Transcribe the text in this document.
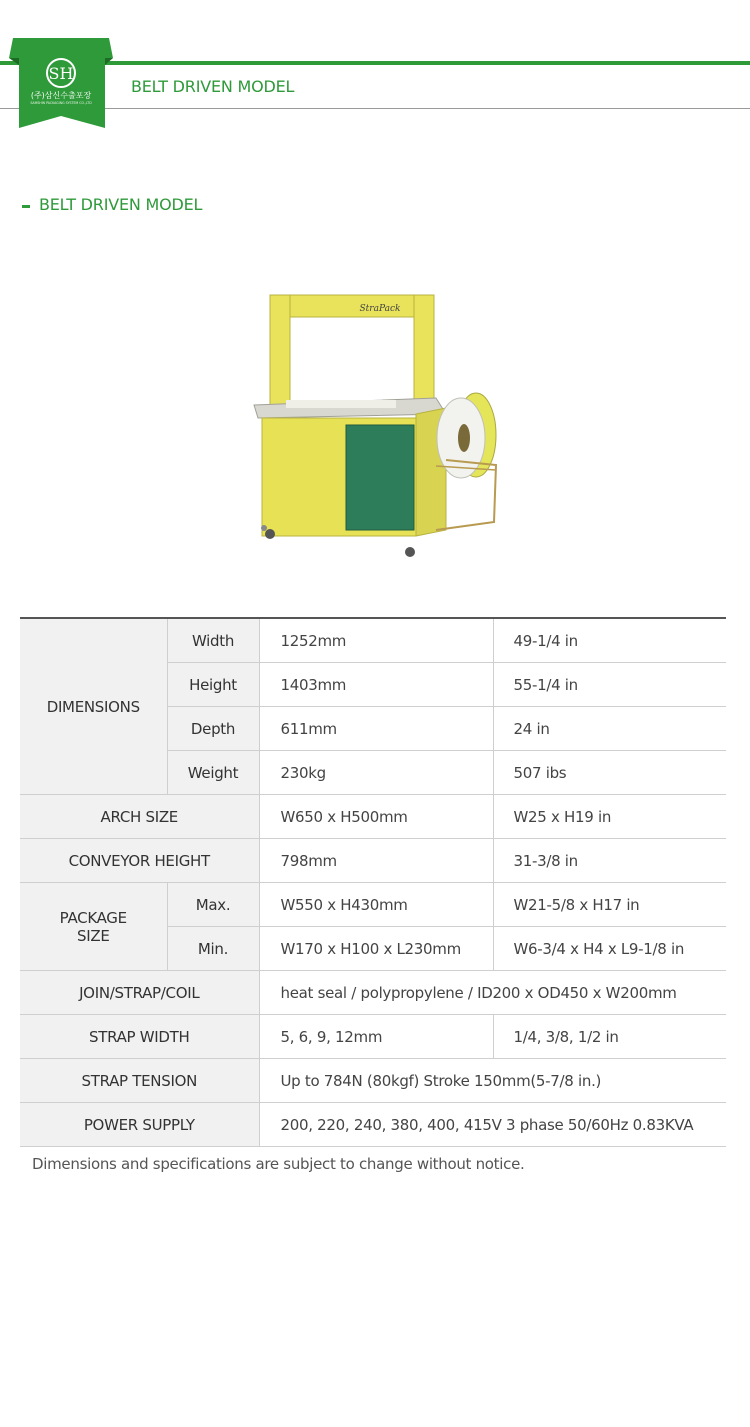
SH
(주)삼신수출포장
SAMSHIN PACKAGING SYSTEM CO.,LTD
BELT DRIVEN MODEL
BELT DRIVEN MODEL
StraPack
DIMENSIONS	Width	1252mm	49-1/4 in
	Height	1403mm	55-1/4 in
	Depth	611mm	24 in
	Weight	230kg	507 ibs
ARCH SIZE		W650 x H500mm	W25 x H19 in
CONVEYOR HEIGHT		798mm	31-3/8 in
PACKAGE
SIZE	Max.	W550 x H430mm	W21-5/8 x H17 in
	Min.	W170 x H100 x L230mm	W6-3/4 x H4 x L9-1/8 in
JOIN/STRAP/COIL		heat seal / polypropylene / ID200 x OD450 x W200mm	
STRAP WIDTH		5, 6, 9, 12mm	1/4, 3/8, 1/2 in
STRAP TENSION		Up to 784N (80kgf) Stroke 150mm(5-7/8 in.)	
POWER SUPPLY		200, 220, 240, 380, 400, 415V 3 phase 50/60Hz 0.83KVA	
Dimensions and specifications are subject to change without notice.
